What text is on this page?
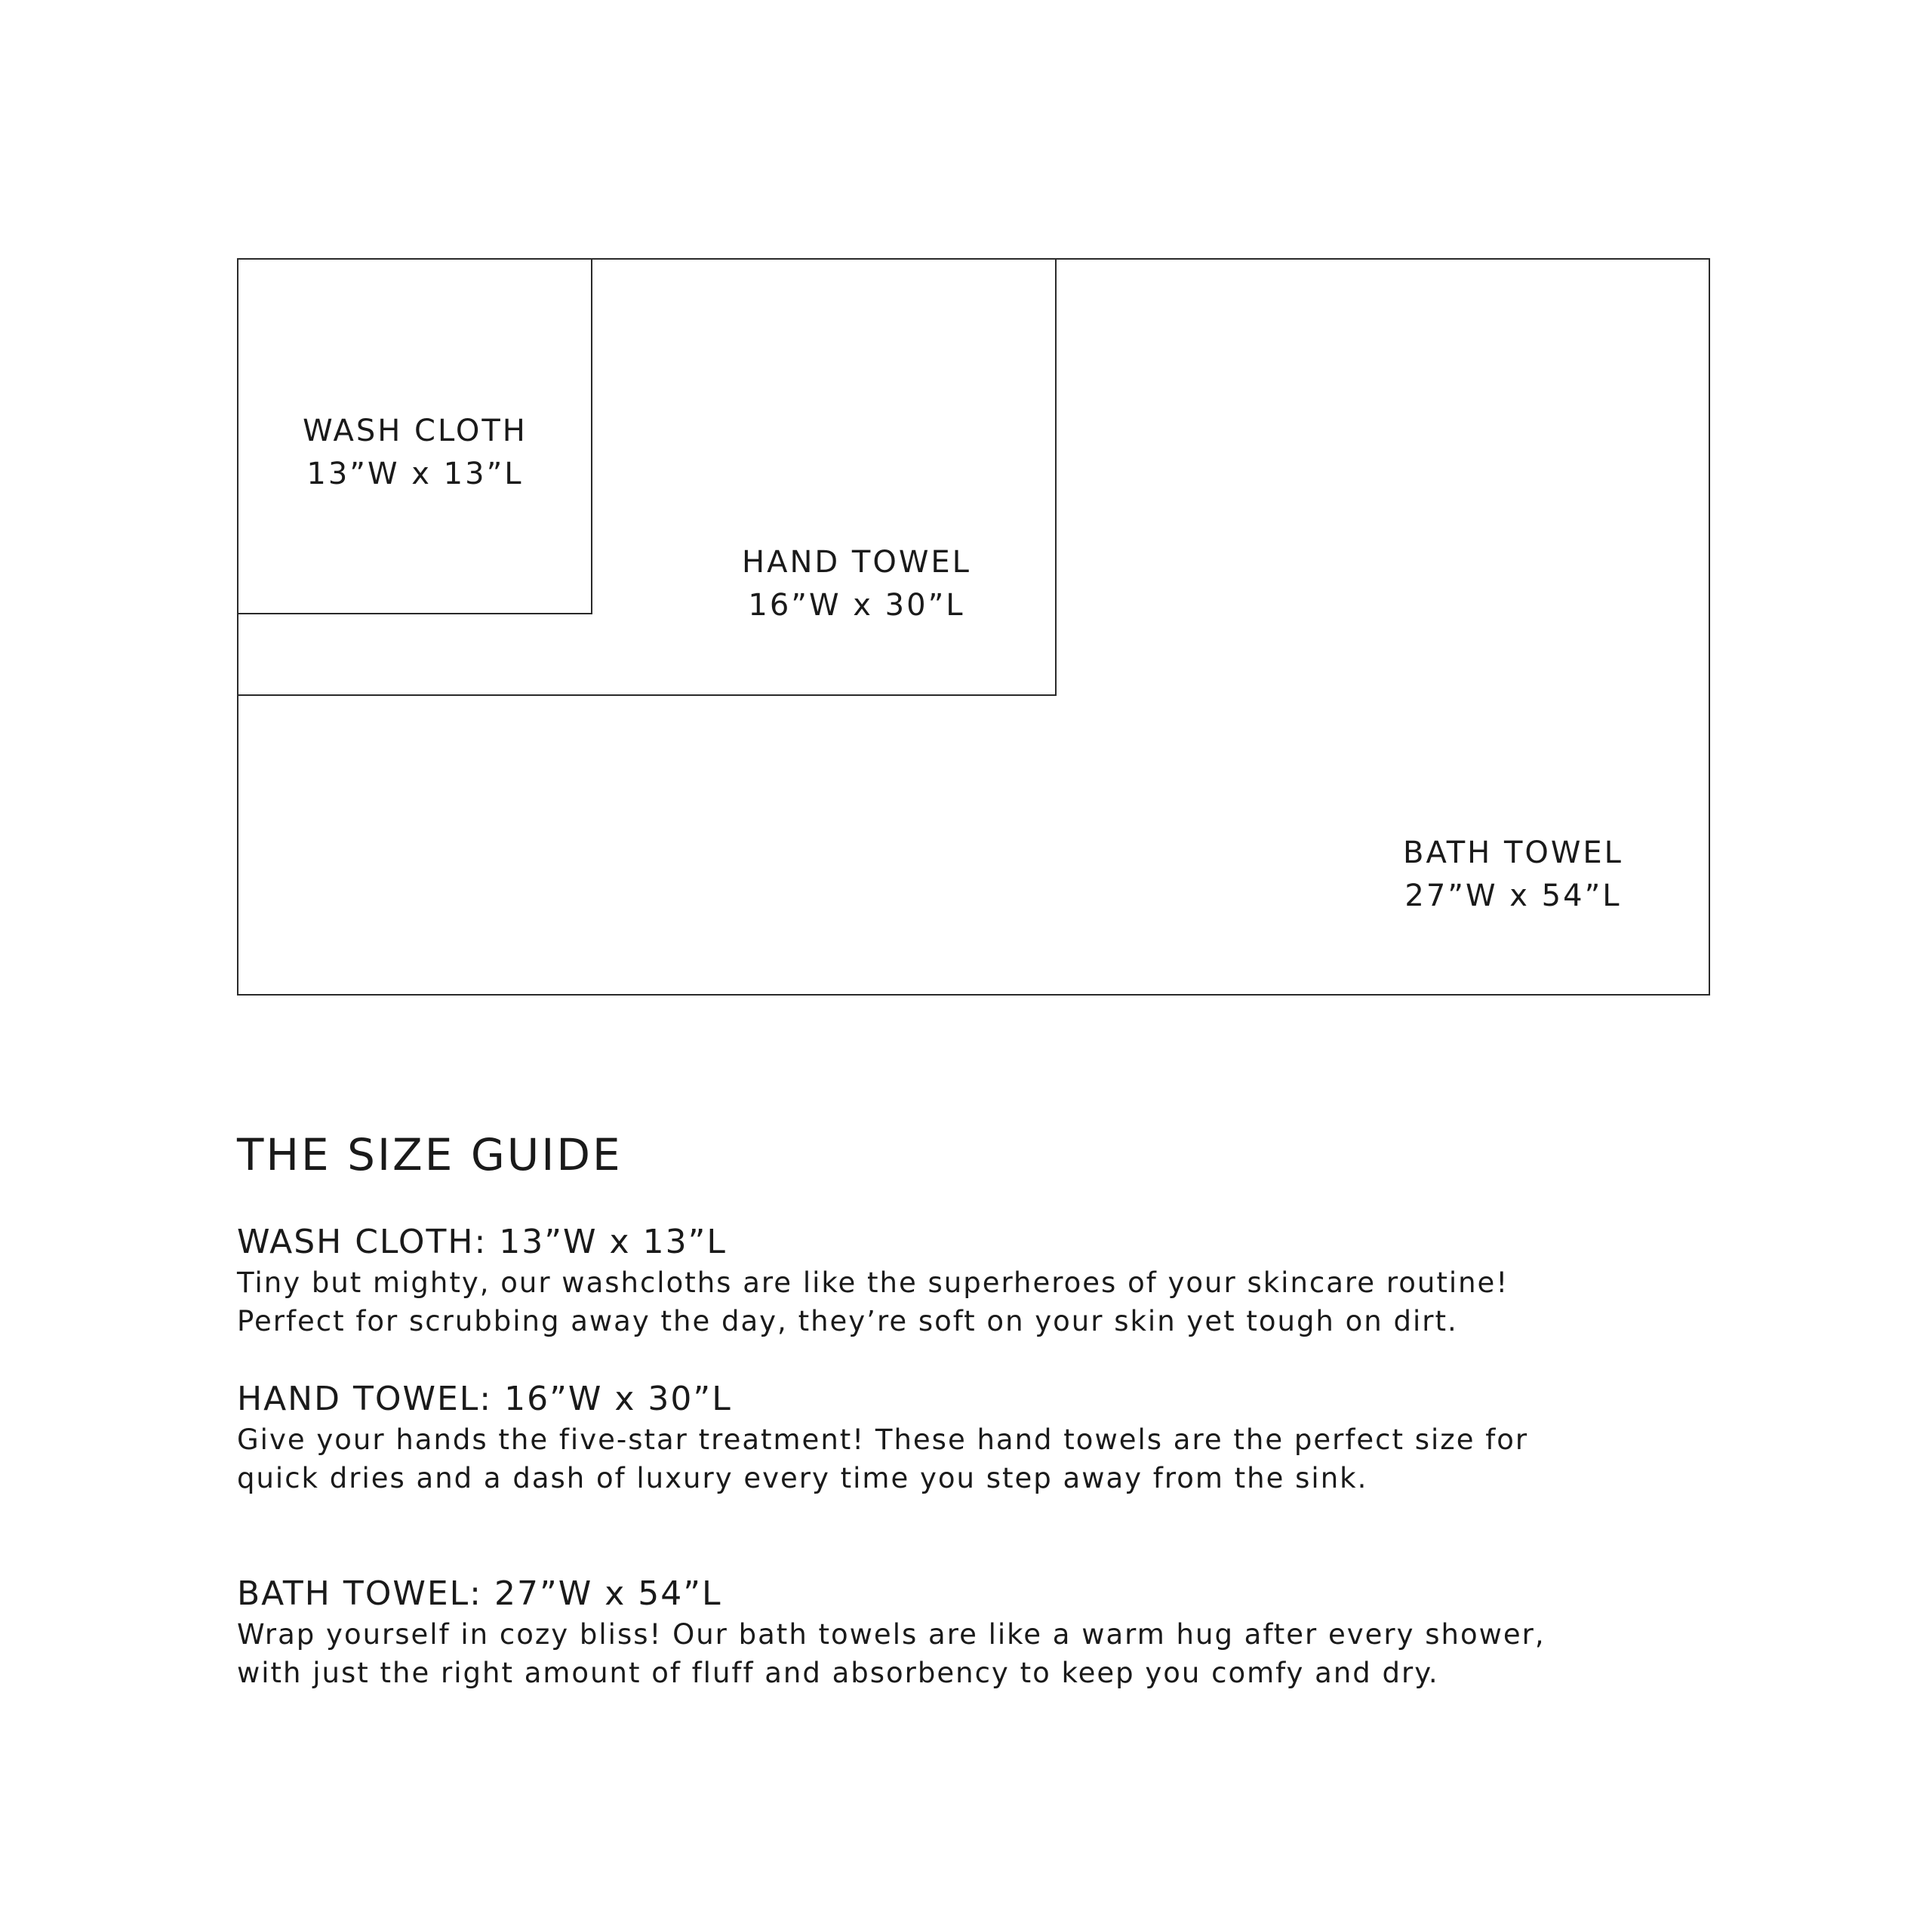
WASH CLOTH
13”W x 13”L
HAND TOWEL
16”W x 30”L
BATH TOWEL
27”W x 54”L
THE SIZE GUIDE

WASH CLOTH: 13”W x 13”L

Tiny but mighty, our washcloths are like the superheroes of your skincare routine!

Perfect for scrubbing away the day, they’re soft on your skin yet tough on dirt.

HAND TOWEL: 16”W x 30”L

Give your hands the five-star treatment! These hand towels are the perfect size for

quick dries and a dash of luxury every time you step away from the sink.

BATH TOWEL: 27”W x 54”L

Wrap yourself in cozy bliss! Our bath towels are like a warm hug after every shower,

with just the right amount of fluff and absorbency to keep you comfy and dry.
